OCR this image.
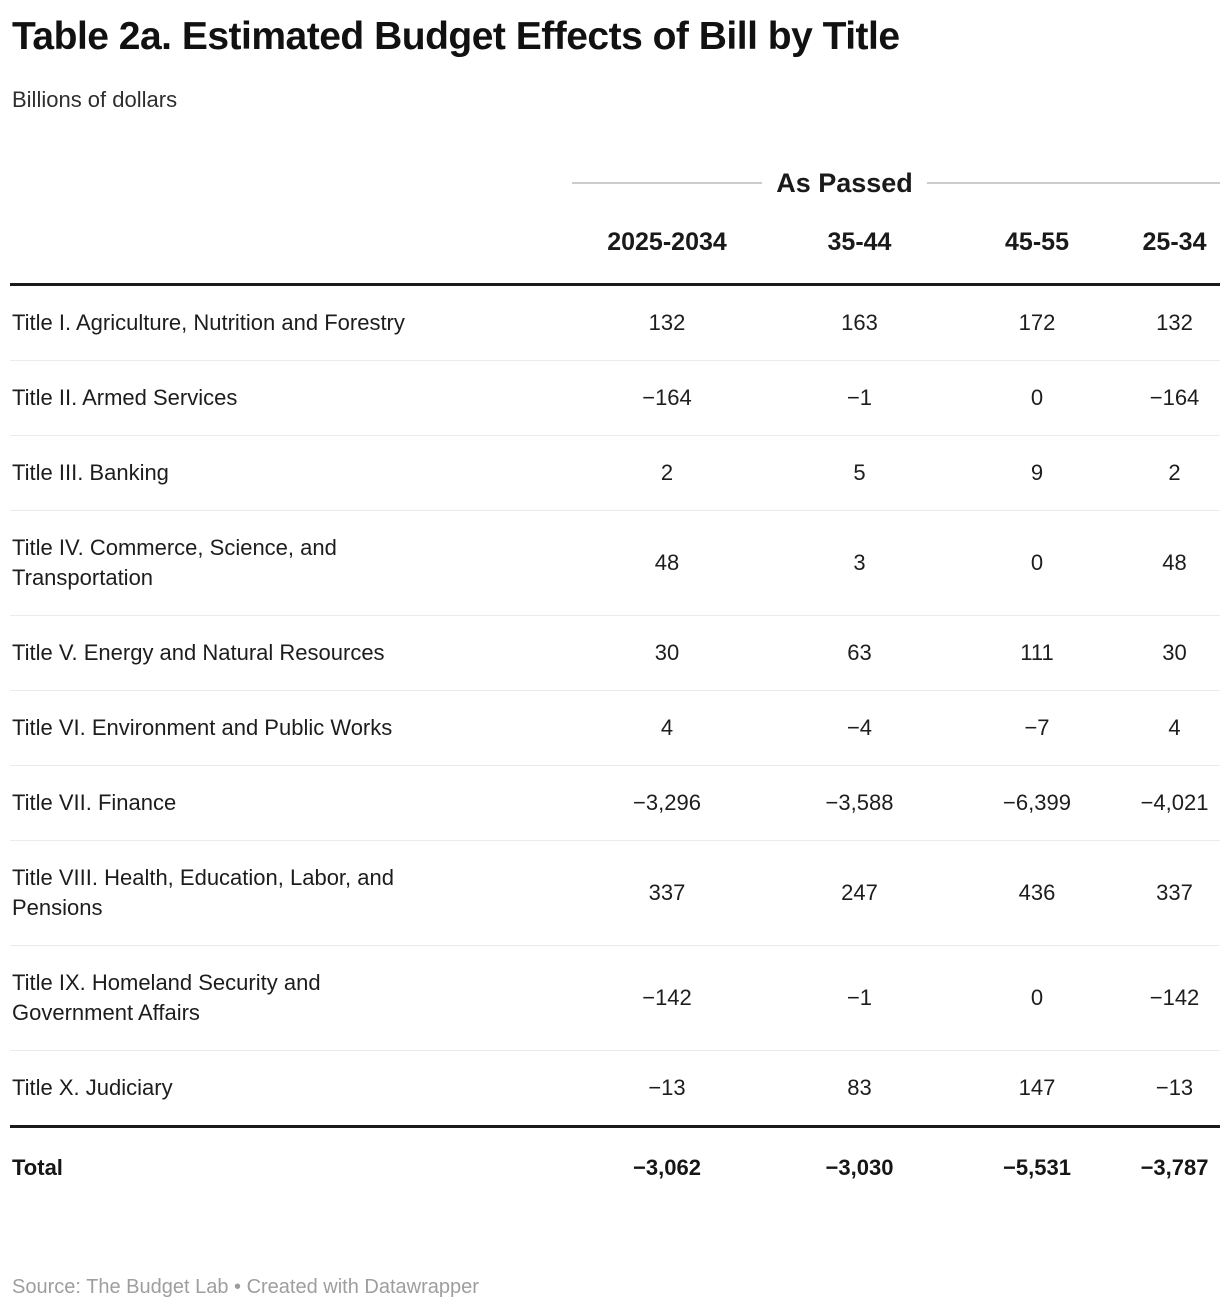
Table 2a. Estimated Budget Effects of Bill by Title

Billions of dollars

	As Passed				

	2025-2034	35-44	45-55	25-34	

Title I. Agriculture, Nutrition and Forestry	132	163	172	132	

Title II. Armed Services	−164	−1	0	−164	

Title III. Banking	2	5	9	2	

Title IV. Commerce, Science, and Transportation	48	3	0	48	

Title V. Energy and Natural Resources	30	63	111	30	

Title VI. Environment and Public Works	4	−4	−7	4	

Title VII. Finance	−3,296	−3,588	−6,399	−4,021	

Title VIII. Health, Education, Labor, and Pensions	337	247	436	337	

Title IX. Homeland Security and Government Affairs	−142	−1	0	−142	

Title X. Judiciary	−13	83	147	−13	

Total	−3,062	−3,030	−5,531	−3,787	
Source: The Budget Lab • Created with Datawrapper
